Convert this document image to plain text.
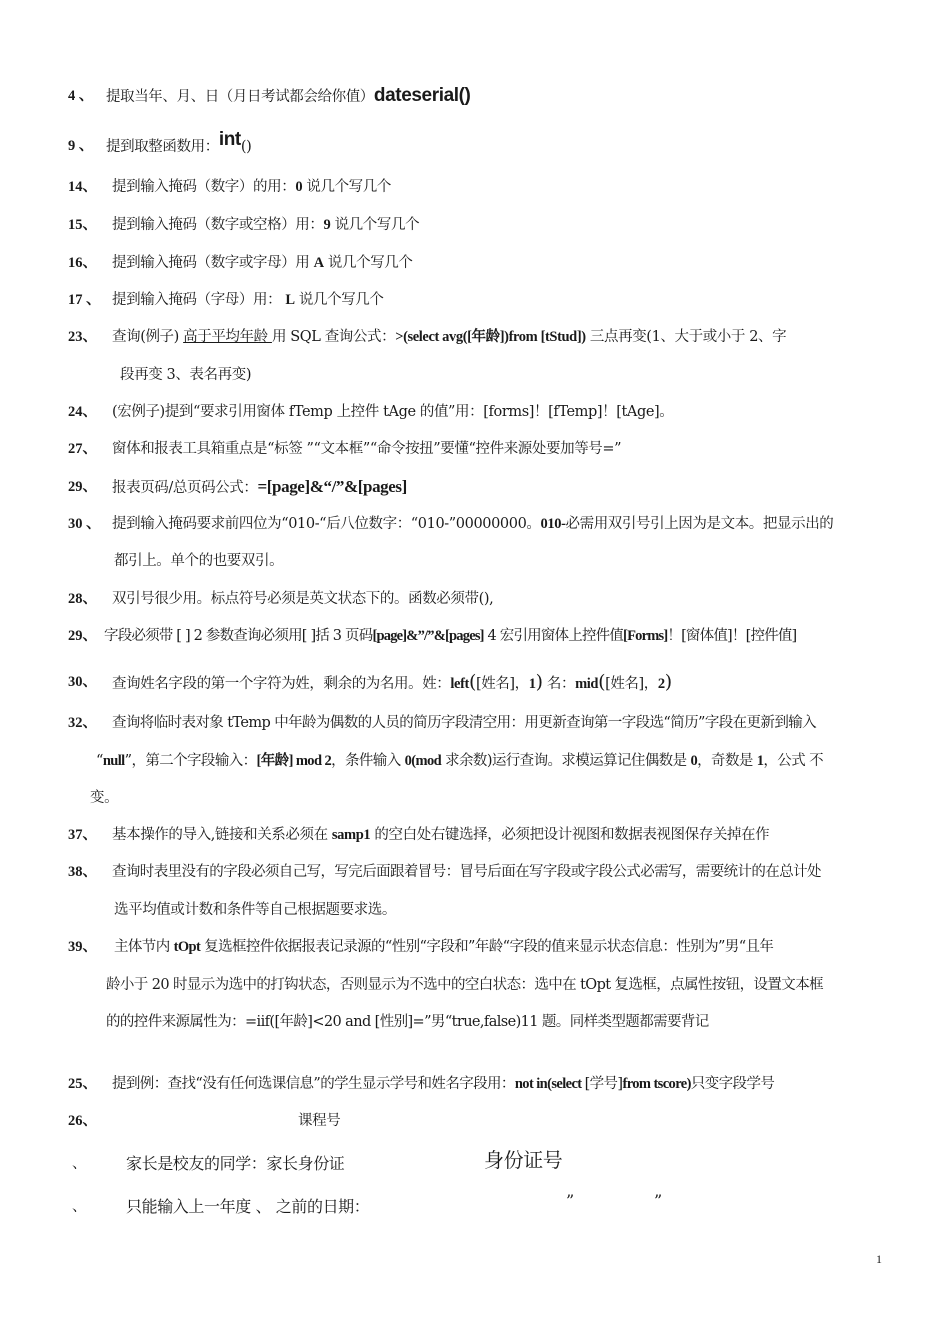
4 、 提取当年、月、日（月日考试都会给你值）dateserial()
9 、 提到取整函数用：int()
14、 提到输入掩码（数字）的用：0 说几个写几个
15、 提到输入掩码（数字或空格）用：9 说几个写几个
16、 提到输入掩码（数字或字母）用 A 说几个写几个
17 、 提到输入掩码（字母）用： L 说几个写几个
23、 查询(例子) 高于平均年龄 用 SQL 查询公式：>(select avg([年龄])from [tStud]) 三点再变(1、大于或小于 2、字
段再变 3、表名再变)
24、 (宏例子)提到“要求引用窗体 fTemp 上控件 tAge 的值”用：[forms]！[fTemp]！[tAge]。
27、 窗体和报表工具箱重点是“标签 ”“文本框”“命令按扭”要懂“控件来源处要加等号=”
29、 报表页码/总页码公式：=[page]&“/”&[pages]
30 、 提到输入掩码要求前四位为“010-“后八位数字：“010-”00000000。010-必需用双引号引上因为是文本。把显示出的
都引上。单个的也要双引。
28、 双引号很少用。标点符号必须是英文状态下的。函数必须带(),
29、 字段必须带 [ ] 2 参数查询必须用[ ]括 3 页码[page]&”/”&[pages] 4 宏引用窗体上控件值[Forms]！[窗体值]！[控件值]
30、 查询姓名字段的第一个字符为姓，剩余的为名用。姓：left([姓名]，1) 名：mid([姓名]，2)
32、 查询将临时表对象 tTemp 中年龄为偶数的人员的简历字段清空用：用更新查询第一字段选“简历”字段在更新到输入
“null”，第二个字段输入：[年龄] mod 2，条件输入 0(mod 求余数)运行查询。求模运算记住偶数是 0，奇数是 1，公式 不
变。
37、 基本操作的导入,链接和关系必须在 samp1 的空白处右键选择，必须把设计视图和数据表视图保存关掉在作
38、 查询时表里没有的字段必须自己写，写完后面跟着冒号：冒号后面在写字段或字段公式必需写，需要统计的在总计处
选平均值或计数和条件等自己根据题要求选。
39、 主体节内 tOpt 复选框控件依据报表记录源的“性别“字段和”年龄“字段的值来显示状态信息：性别为”男“且年
龄小于 20 时显示为选中的打钩状态，否则显示为不选中的空白状态：选中在 tOpt 复选框，点属性按钮，设置文本框
的的控件来源属性为：=iif([年龄]<20 and [性别]=”男“true,false)11 题。同样类型题都需要背记
25、 提到例：查找“没有任何选课信息”的学生显示学号和姓名字段用：not in(select [学号]from tscore)只变字段学号
26、	课程号
、 家长是校友的同学：家长身份证	身份证号
、 只能输入上一年度 、 之前的日期：	”	”
1
